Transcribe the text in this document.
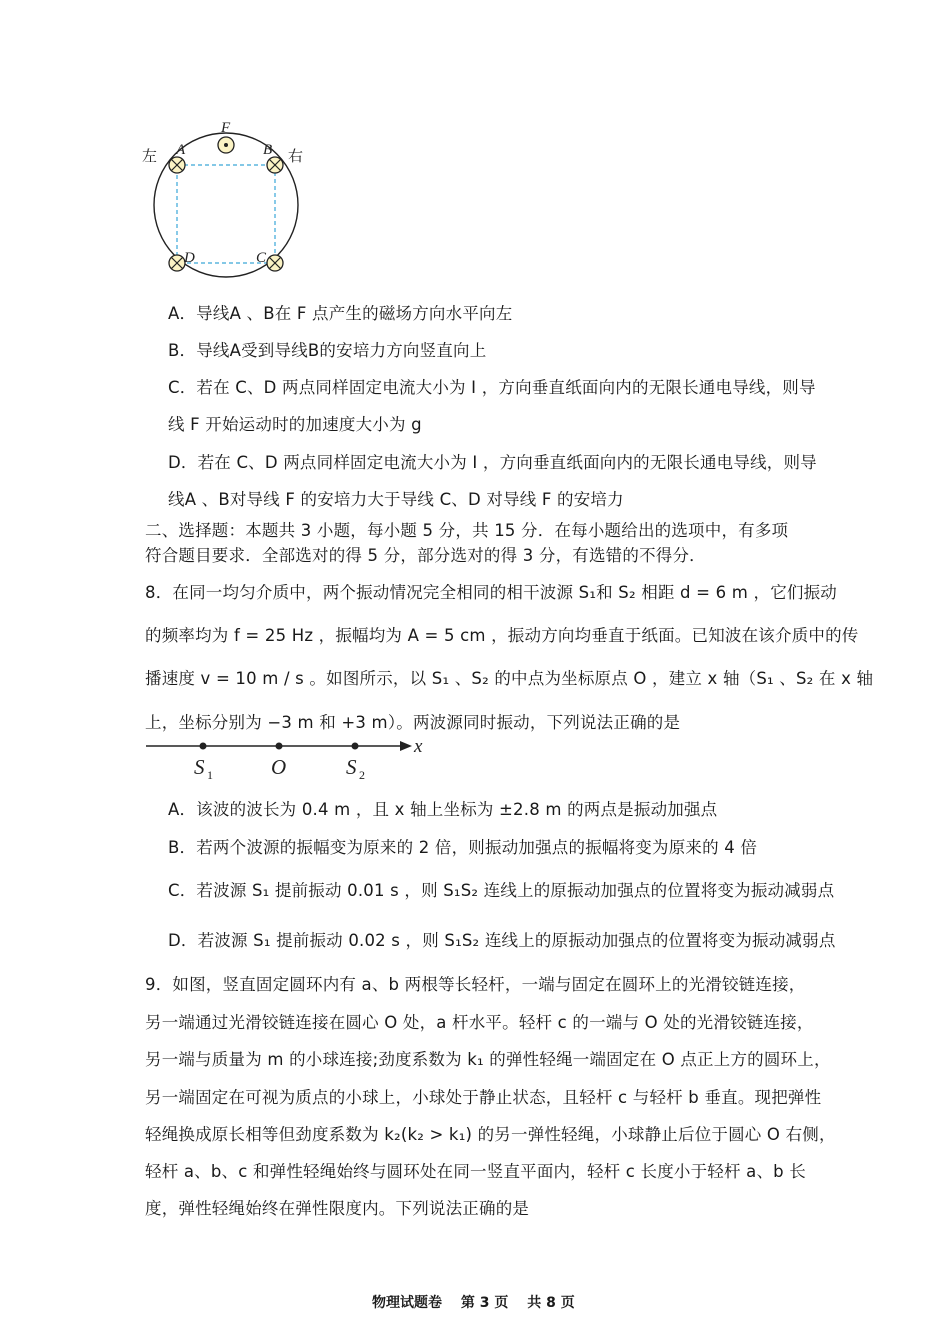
F
A	B
D	C
左	右
A．导线A 、B在 F 点产生的磁场方向水平向左
B．导线A受到导线B的安培力方向竖直向上
C．若在 C、D 两点同样固定电流大小为 I ，方向垂直纸面向内的无限长通电导线，则导
线 F 开始运动时的加速度大小为 g
D．若在 C、D 两点同样固定电流大小为 I ，方向垂直纸面向内的无限长通电导线，则导
线A 、B对导线 F 的安培力大于导线 C、D 对导线 F 的安培力
二、选择题：本题共 3 小题，每小题 5 分，共 15 分．在每小题给出的选项中，有多项
符合题目要求．全部选对的得 5 分，部分选对的得 3 分，有选错的不得分．
8．在同一均匀介质中，两个振动情况完全相同的相干波源 S₁和 S₂ 相距 d = 6 m ，它们振动
的频率均为 f = 25 Hz ，振幅均为 A = 5 cm ，振动方向均垂直于纸面。已知波在该介质中的传
播速度 v = 10 m / s 。如图所示，以 S₁ 、S₂ 的中点为坐标原点 O ，建立 x 轴（S₁ 、S₂ 在 x 轴
上，坐标分别为 −3 m 和 +3 m）。两波源同时振动，下列说法正确的是
x
S 1	O	S 2
A．该波的波长为 0.4 m ，且 x 轴上坐标为 ±2.8 m 的两点是振动加强点
B．若两个波源的振幅变为原来的 2 倍，则振动加强点的振幅将变为原来的 4 倍
C．若波源 S₁ 提前振动 0.01 s ，则 S₁S₂ 连线上的原振动加强点的位置将变为振动减弱点
D．若波源 S₁ 提前振动 0.02 s ，则 S₁S₂ 连线上的原振动加强点的位置将变为振动减弱点
9．如图，竖直固定圆环内有 a、b 两根等长轻杆，一端与固定在圆环上的光滑铰链连接，
另一端通过光滑铰链连接在圆心 O 处，a 杆水平。轻杆 c 的一端与 O 处的光滑铰链连接，
另一端与质量为 m 的小球连接;劲度系数为 k₁ 的弹性轻绳一端固定在 O 点正上方的圆环上，
另一端固定在可视为质点的小球上，小球处于静止状态，且轻杆 c 与轻杆 b 垂直。现把弹性
轻绳换成原长相等但劲度系数为 k₂(k₂ > k₁) 的另一弹性轻绳，小球静止后位于圆心 O 右侧，
轻杆 a、b、c 和弹性轻绳始终与圆环处在同一竖直平面内，轻杆 c 长度小于轻杆 a、b 长
度，弹性轻绳始终在弹性限度内。下列说法正确的是
物理试题卷　 第 3 页　 共 8 页
